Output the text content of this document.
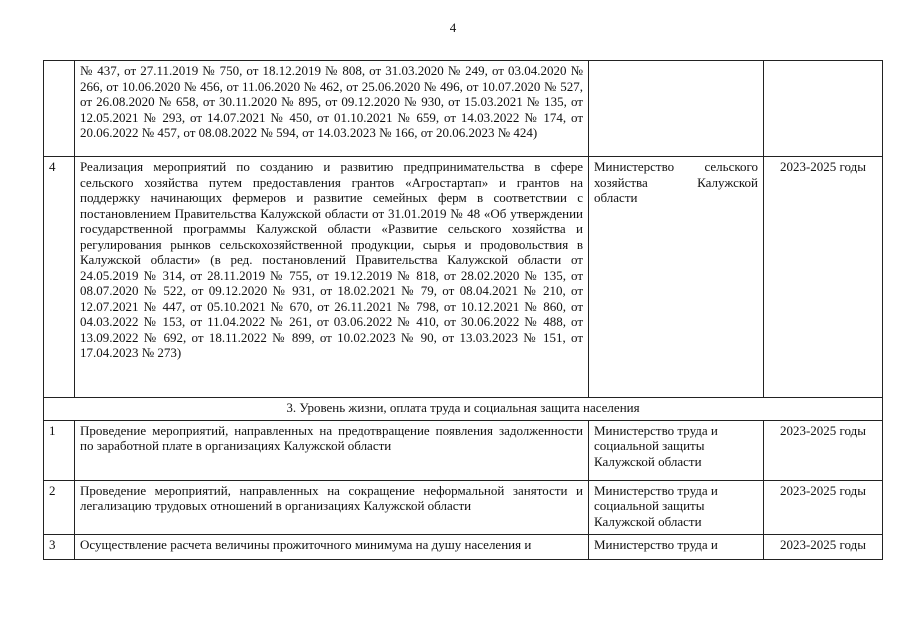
4
	№ 437, от 27.11.2019 № 750, от 18.12.2019 № 808, от 31.03.2020 № 249, от 03.04.2020 № 266, от 10.06.2020 № 456, от 11.06.2020 № 462, от 25.06.2020 № 496, от 10.07.2020 № 527, от 26.08.2020 № 658, от 30.11.2020 № 895, от 09.12.2020 № 930, от 15.03.2021 № 135, от 12.05.2021 № 293, от 14.07.2021 № 450, от 01.10.2021 № 659, от 14.03.2022 № 174, от 20.06.2022 № 457, от 08.08.2022 № 594, от 14.03.2023 № 166, от 20.06.2023 № 424)		
4	Реализация мероприятий по созданию и развитию предпринимательства в сфере сельского хозяйства путем предоставления грантов «Агростартап» и грантов на поддержку начинающих фермеров и развитие семейных ферм в соответствии с постановлением Правительства Калужской области от 31.01.2019 № 48 «Об утверждении государственной программы Калужской области «Развитие сельского хозяйства и регулирования рынков сельскохозяйственной продукции, сырья и продовольствия в Калужской области» (в ред. постановлений Правительства Калужской области от 24.05.2019 № 314, от 28.11.2019 № 755, от 19.12.2019 № 818, от 28.02.2020 № 135, от 08.07.2020 № 522, от 09.12.2020 № 931, от 18.02.2021 № 79, от 08.04.2021 № 210, от 12.07.2021 № 447, от 05.10.2021 № 670, от 26.11.2021 № 798, от 10.12.2021 № 860, от 04.03.2022 № 153, от 11.04.2022 № 261, от 03.06.2022 № 410, от 30.06.2022 № 488, от 13.09.2022 № 692, от 18.11.2022 № 899, от 10.02.2023 № 90, от 13.03.2023 № 151, от 17.04.2023 № 273)	Министерство сельского хозяйства Калужской области	2023-2025 годы
3. Уровень жизни, оплата труда и социальная защита населения			
1	Проведение мероприятий, направленных на предотвращение появления задолженности по заработной плате в организациях Калужской области	Министерство труда и социальной защиты Калужской области	2023-2025 годы
2	Проведение мероприятий, направленных на сокращение неформальной занятости и легализацию трудовых отношений в организациях Калужской области	Министерство труда и социальной защиты Калужской области	2023-2025 годы
3	Осуществление расчета величины прожиточного минимума на душу населения и	Министерство труда и	2023-2025 годы
